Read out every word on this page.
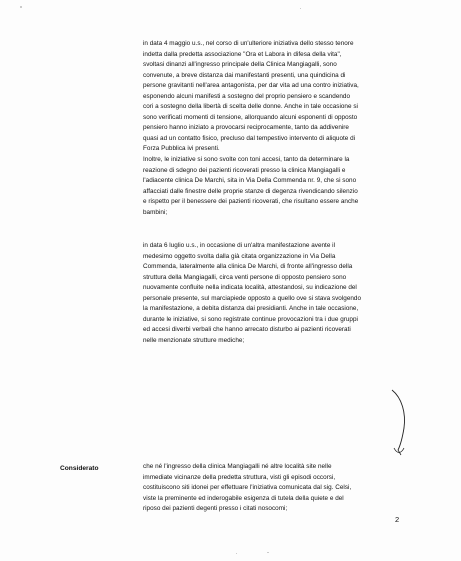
in data 4 maggio u.s., nel corso di un'ulteriore iniziativa dello stesso tenore
indetta dalla predetta associazione "Ora et Labora in difesa della vita",
svoltasi dinanzi all'ingresso principale della Clinica Mangiagalli, sono
convenute, a breve distanza dai manifestanti presenti, una quindicina di
persone gravitanti nell'area antagonista, per dar vita ad una contro iniziativa,
esponendo alcuni manifesti a sostegno del proprio pensiero e scandendo
cori a sostegno della libertà di scelta delle donne. Anche in tale occasione si
sono verificati momenti di tensione, allorquando alcuni esponenti di opposto
pensiero hanno iniziato a provocarsi reciprocamente, tanto da addivenire
quasi ad un contatto fisico, precluso dal tempestivo intervento di aliquote di
Forza Pubblica ivi presenti.
Inoltre, le iniziative si sono svolte con toni accesi, tanto da determinare la
reazione di sdegno dei pazienti ricoverati presso la clinica Mangiagalli e
l'adiacente clinica De Marchi, sita in Via Della Commenda nr. 9, che si sono
affacciati dalle finestre delle proprie stanze di degenza rivendicando silenzio
e rispetto per il benessere dei pazienti ricoverati, che risultano essere anche
bambini;
in data 6 luglio u.s., in occasione di un'altra manifestazione avente il
medesimo oggetto svolta dalla già citata organizzazione in Via Della
Commenda, lateralmente alla clinica De Marchi, di fronte all'ingresso della
struttura della Mangiagalli, circa venti persone di opposto pensiero sono
nuovamente confluite nella indicata località, attestandosi, su indicazione del
personale presente, sul marciapiede opposto a quello ove si stava svolgendo
la manifestazione, a debita distanza dai presidianti. Anche in tale occasione,
durante le iniziative, si sono registrate continue provocazioni tra i due gruppi
ed accesi diverbi verbali che hanno arrecato disturbo ai pazienti ricoverati
nelle menzionate strutture mediche;
Considerato	che né l'ingresso della clinica Mangiagalli né altre località site nelle
immediate vicinanze della predetta struttura, visti gli episodi occorsi,
costituiscono siti idonei per effettuare l'iniziativa comunicata dal sig. Celsi,
viste la preminente ed inderogabile esigenza di tutela della quiete e del
riposo dei pazienti degenti presso i citati nosocomi;
2
